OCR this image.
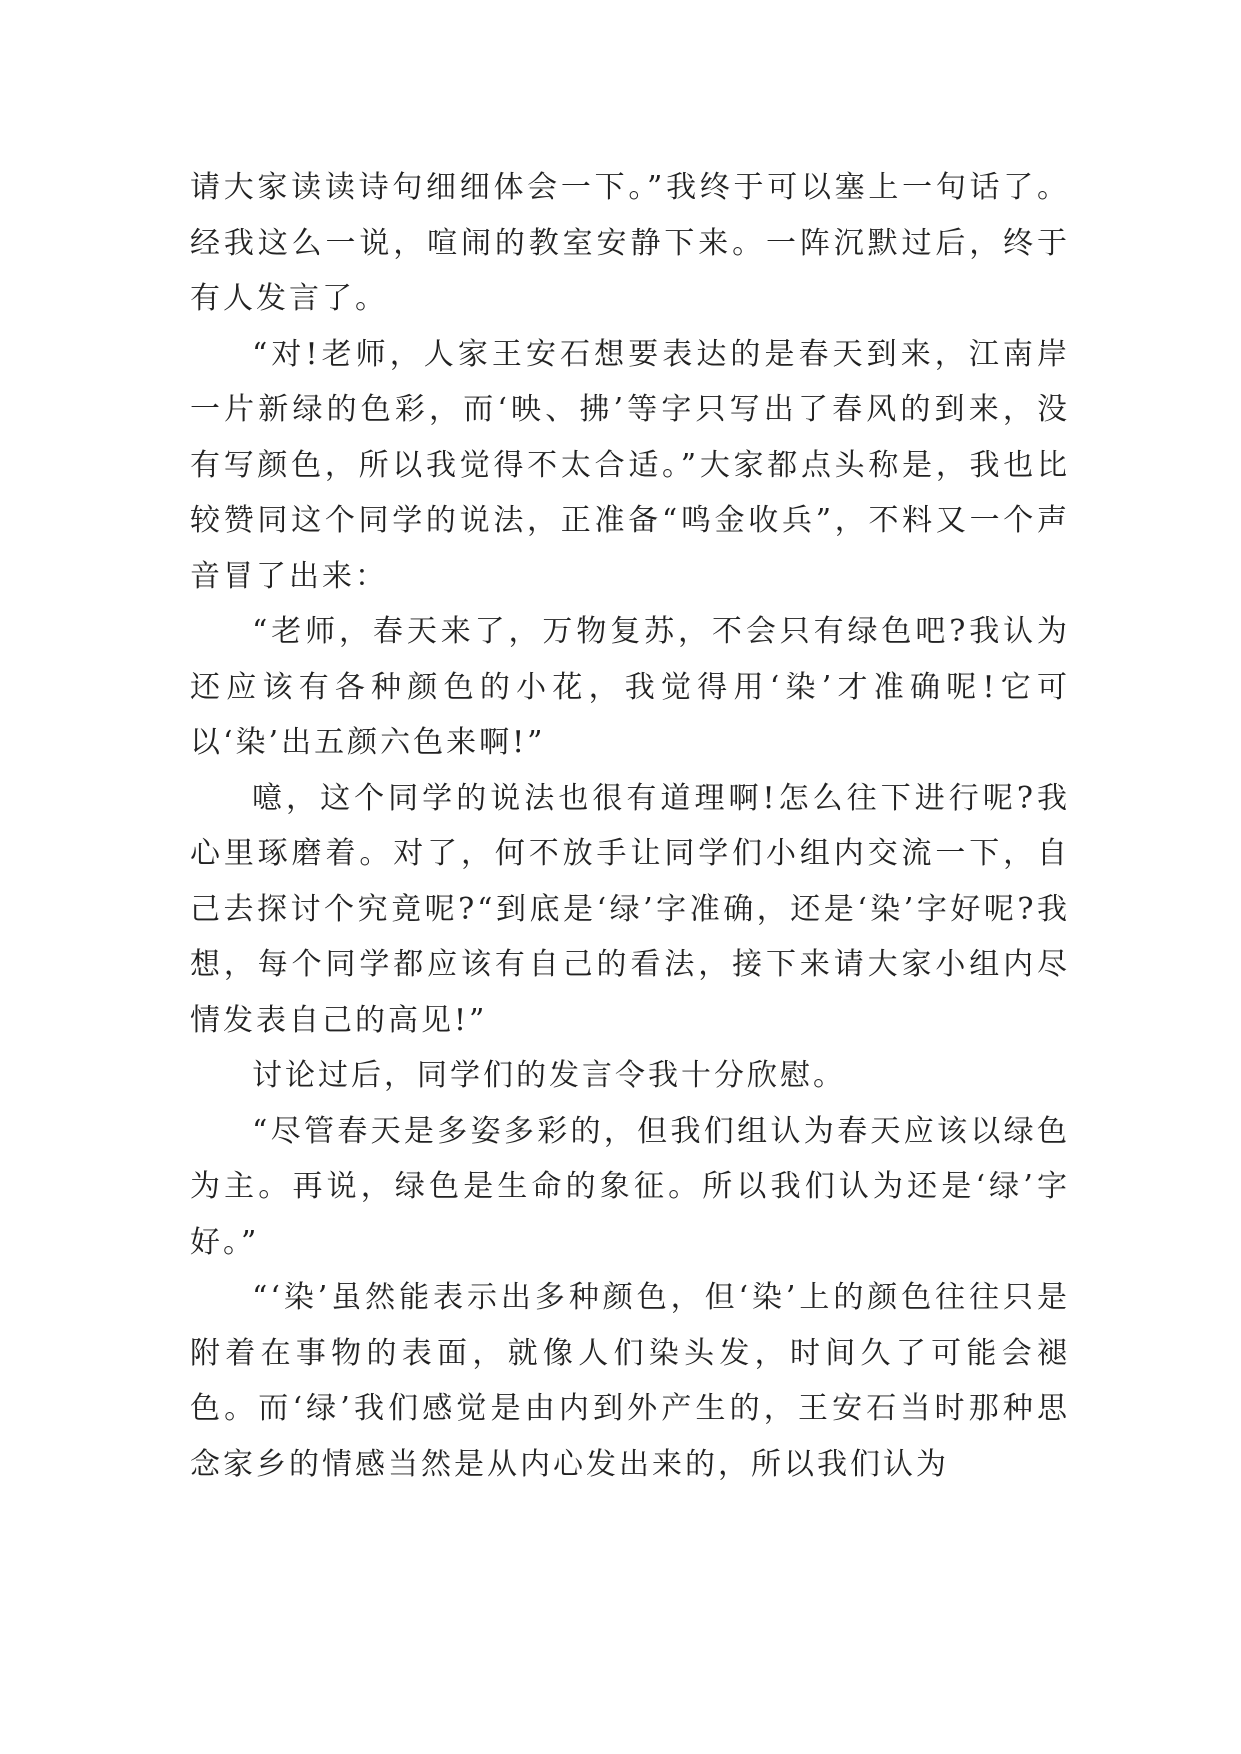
请大家读读诗句细细体会一下。”我终于可以塞上一句话了。经我这么一说，喧闹的教室安静下来。一阵沉默过后，终于有人发言了。

“对!老师，人家王安石想要表达的是春天到来，江南岸一片新绿的色彩，而‘映、拂’等字只写出了春风的到来，没有写颜色，所以我觉得不太合适。”大家都点头称是，我也比较赞同这个同学的说法，正准备“鸣金收兵”，不料又一个声音冒了出来：

“老师，春天来了，万物复苏，不会只有绿色吧?我认为还应该有各种颜色的小花，我觉得用‘染’才准确呢!它可以‘染’出五颜六色来啊!”

噫，这个同学的说法也很有道理啊!怎么往下进行呢?我心里琢磨着。对了，何不放手让同学们小组内交流一下，自己去探讨个究竟呢?“到底是‘绿’字准确，还是‘染’字好呢?我想，每个同学都应该有自己的看法，接下来请大家小组内尽情发表自己的高见!”

讨论过后，同学们的发言令我十分欣慰。

“尽管春天是多姿多彩的，但我们组认为春天应该以绿色为主。再说，绿色是生命的象征。所以我们认为还是‘绿’字好。”

“‘染’虽然能表示出多种颜色，但‘染’上的颜色往往只是附着在事物的表面，就像人们染头发，时间久了可能会褪色。而‘绿’我们感觉是由内到外产生的，王安石当时那种思念家乡的情感当然是从内心发出来的，所以我们认为
